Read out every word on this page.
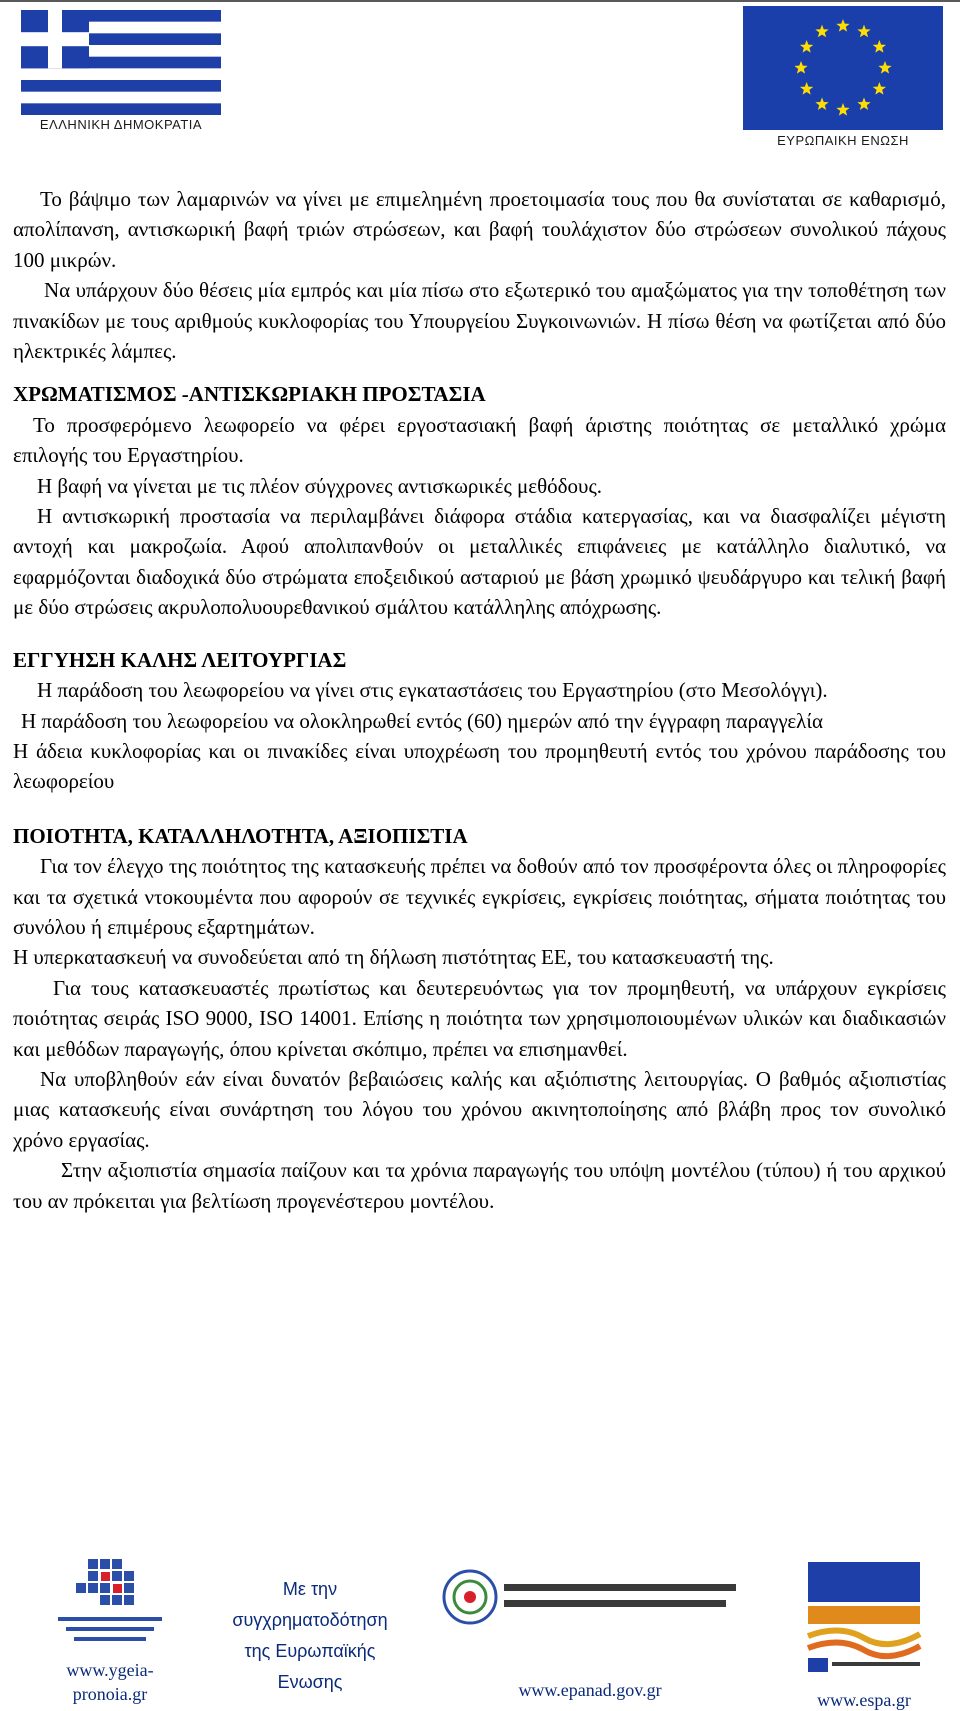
ΕΛΛΗΝΙΚΗ ΔΗΜΟΚΡΑΤΙΑ
ΕΥΡΩΠΑΙΚΗ ΕΝΩΣΗ

Το βάψιμο των λαμαρινών να γίνει με επιμελημένη προετοιμασία τους που θα συνίσταται σε καθαρισμό, απολίπανση, αντισκωρική βαφή τριών στρώσεων, και βαφή τουλάχιστον δύο στρώσεων συνολικού πάχους 100 μικρών.

Να υπάρχουν δύο θέσεις μία εμπρός και μία πίσω στο εξωτερικό του αμαξώματος για την τοποθέτηση των πινακίδων με τους αριθμούς κυκλοφορίας του Υπουργείου Συγκοινωνιών. Η πίσω θέση να φωτίζεται από δύο ηλεκτρικές λάμπες.

ΧΡΩΜΑΤΙΣΜΟΣ -ΑΝΤΙΣΚΩΡΙΑΚΗ ΠΡΟΣΤΑΣΙΑ

Το προσφερόμενο λεωφορείο να φέρει εργοστασιακή βαφή άριστης ποιότητας σε μεταλλικό χρώμα επιλογής του Εργαστηρίου.

Η βαφή να γίνεται με τις πλέον σύγχρονες αντισκωρικές μεθόδους.

Η αντισκωρική προστασία να περιλαμβάνει διάφορα στάδια κατεργασίας, και να διασφαλίζει μέγιστη αντοχή και μακροζωία. Αφού απολιπανθούν οι μεταλλικές επιφάνειες με κατάλληλο διαλυτικό, να εφαρμόζονται διαδοχικά δύο στρώματα εποξειδικού ασταριού με βάση χρωμικό ψευδάργυρο και τελική βαφή με δύο στρώσεις ακρυλοπολυουρεθανικού σμάλτου κατάλληλης απόχρωσης.

ΕΓΓΥΗΣΗ ΚΑΛΗΣ ΛΕΙΤΟΥΡΓΙΑΣ

Η παράδοση του λεωφορείου να γίνει στις εγκαταστάσεις του Εργαστηρίου (στο Μεσολόγγι).

Η παράδοση του λεωφορείου να ολοκληρωθεί εντός (60) ημερών από την έγγραφη παραγγελία

Η άδεια κυκλοφορίας και οι πινακίδες είναι υποχρέωση του προμηθευτή εντός του χρόνου παράδοσης του λεωφορείου

ΠΟΙΟΤΗΤΑ, ΚΑΤΑΛΛΗΛΟΤΗΤΑ, ΑΞΙΟΠΙΣΤΙΑ

Για τον έλεγχο της ποιότητος της κατασκευής πρέπει να δοθούν από τον προσφέροντα όλες οι πληροφορίες και τα σχετικά ντοκουμέντα που αφορούν σε τεχνικές εγκρίσεις, εγκρίσεις ποιότητας, σήματα ποιότητας του συνόλου ή επιμέρους εξαρτημάτων.

Η υπερκατασκευή να συνοδεύεται από τη δήλωση πιστότητας ΕΕ, του κατασκευαστή της.

Για τους κατασκευαστές πρωτίστως και δευτερευόντως για τον προμηθευτή, να υπάρχουν εγκρίσεις ποιότητας σειράς ISO 9000, ISO 14001. Επίσης η ποιότητα των χρησιμοποιουμένων υλικών και διαδικασιών και μεθόδων παραγωγής, όπου κρίνεται σκόπιμο, πρέπει να επισημανθεί.

Να υποβληθούν εάν είναι δυνατόν βεβαιώσεις καλής και αξιόπιστης λειτουργίας. Ο βαθμός αξιοπιστίας μιας κατασκευής είναι συνάρτηση του λόγου του χρόνου ακινητοποίησης από βλάβη προς τον συνολικό χρόνο εργασίας.

Στην αξιοπιστία σημασία παίζουν και τα χρόνια παραγωγής του υπόψη μοντέλου (τύπου) ή του αρχικού του αν πρόκειται για βελτίωση προγενέστερου μοντέλου.

www.ygeia-
pronoia.gr
Με την
συγχρηματοδότηση
της Ευρωπαϊκής
Ενωσης	www.epanad.gov.gr	www.espa.gr
